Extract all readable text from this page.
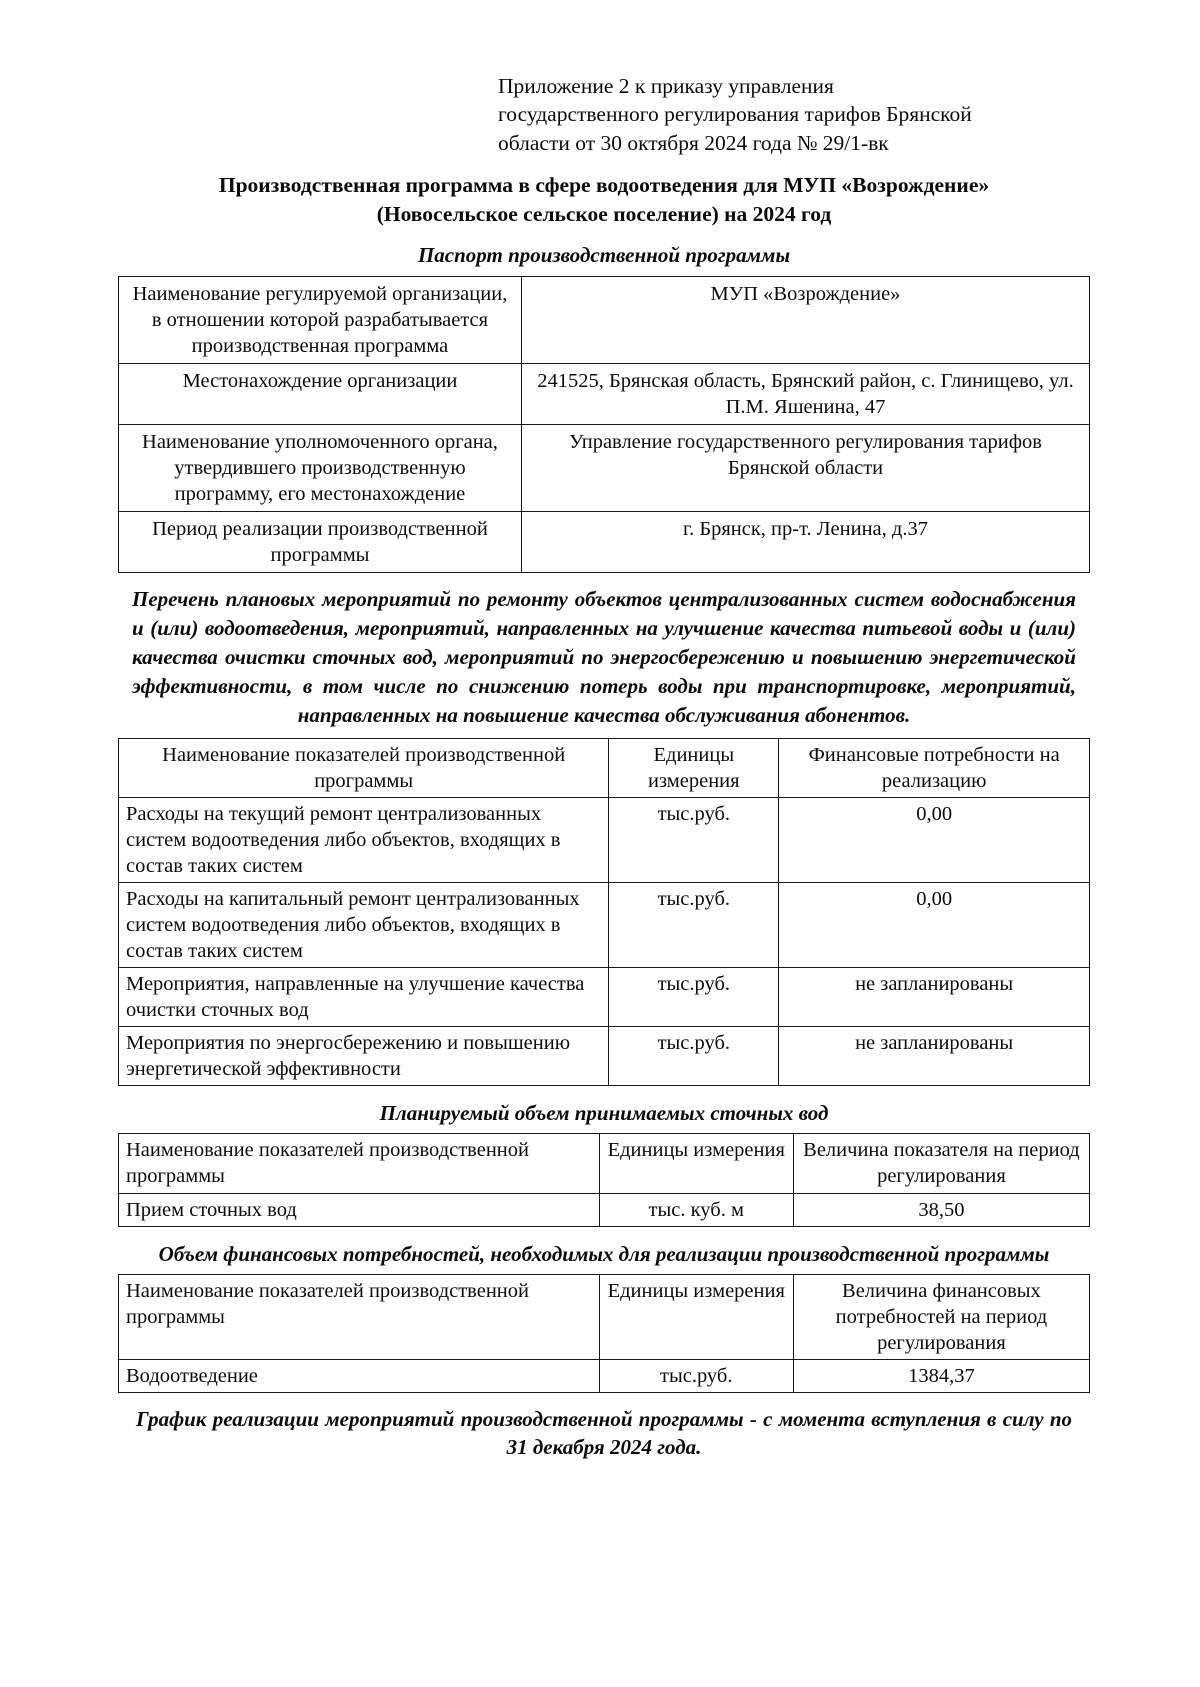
Приложение 2 к приказу управления
государственного регулирования тарифов Брянской
области от 30 октября 2024 года № 29/1-вк
Производственная программа в сфере водоотведения для МУП «Возрождение»
(Новосельское сельское поселение) на 2024 год
Паспорт производственной программы
Наименование регулируемой организации, в отношении которой разрабатывается производственная программа	МУП «Возрождение»
Местонахождение организации	241525, Брянская область, Брянский район, с. Глинищево, ул. П.М. Яшенина, 47
Наименование уполномоченного органа, утвердившего производственную программу, его местонахождение	Управление государственного регулирования тарифов Брянской области
Период реализации производственной программы	г. Брянск, пр-т. Ленина, д.37
Перечень плановых мероприятий по ремонту объектов централизованных систем водоснабжения и (или) водоотведения, мероприятий, направленных на улучшение качества питьевой воды и (или) качества очистки сточных вод, мероприятий по энергосбережению и повышению энергетической эффективности, в том числе по снижению потерь воды при транспортировке, мероприятий, направленных на повышение качества обслуживания абонентов.
Наименование показателей производственной программы	Единицы измерения	Финансовые потребности на реализацию
Расходы на текущий ремонт централизованных систем водоотведения либо объектов, входящих в состав таких систем	тыс.руб.	0,00
Расходы на капитальный ремонт централизованных систем водоотведения либо объектов, входящих в состав таких систем	тыс.руб.	0,00
Мероприятия, направленные на улучшение качества очистки сточных вод	тыс.руб.	не запланированы
Мероприятия по энергосбережению и повышению энергетической эффективности	тыс.руб.	не запланированы
Планируемый объем принимаемых сточных вод
Наименование показателей производственной программы	Единицы измерения	Величина показателя на период регулирования
Прием сточных вод	тыс. куб. м	38,50
Объем финансовых потребностей, необходимых для реализации производственной программы
Наименование показателей производственной программы	Единицы измерения	Величина финансовых потребностей на период регулирования
Водоотведение	тыс.руб.	1384,37
График реализации мероприятий производственной программы - с момента вступления в силу по 31 декабря 2024 года.
